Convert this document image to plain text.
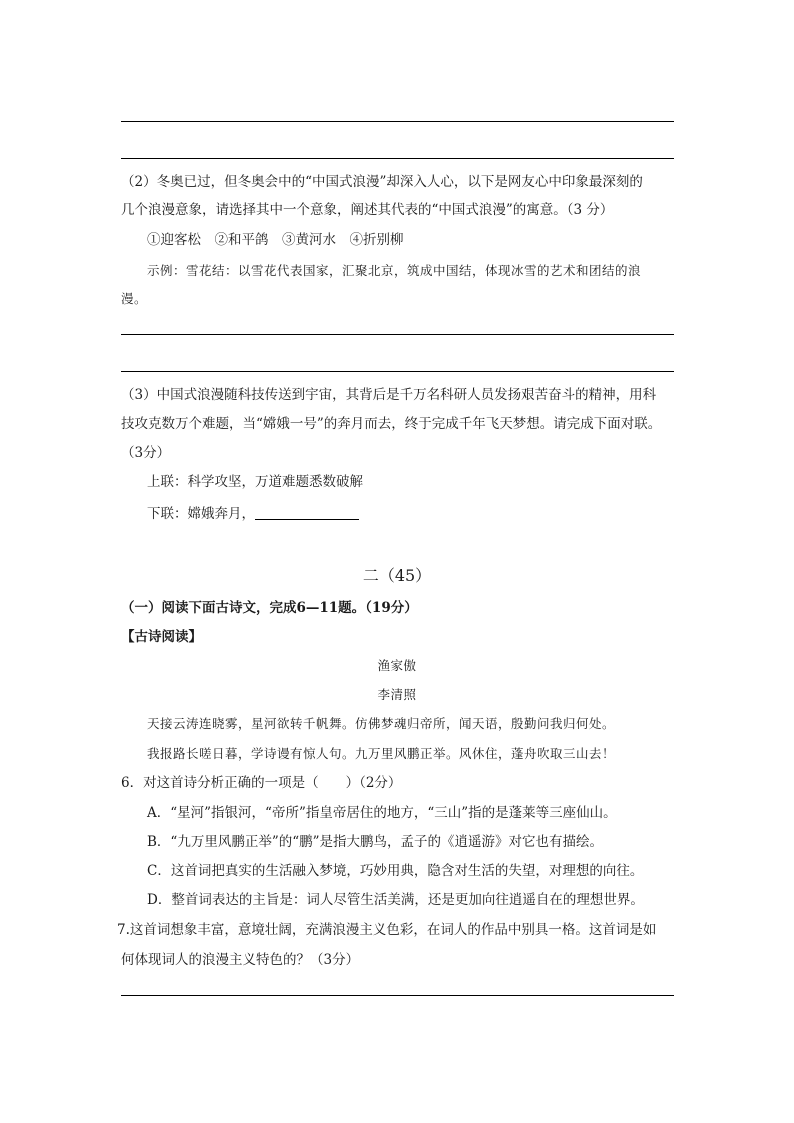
（2）冬奥已过，但冬奥会中的“中国式浪漫”却深入人心，以下是网友心中印象最深刻的
几个浪漫意象，请选择其中一个意象，阐述其代表的“中国式浪漫”的寓意。（3 分）
①迎客松　②和平鸽　③黄河水　④折别柳
示例：雪花结：以雪花代表国家，汇聚北京，筑成中国结，体现冰雪的艺术和团结的浪
漫。
（3）中国式浪漫随科技传送到宇宙，其背后是千万名科研人员发扬艰苦奋斗的精神，用科
技攻克数万个难题，当“嫦娥一号”的奔月而去，终于完成千年飞天梦想。请完成下面对联。
（3分）
上联：科学攻坚，万道难题悉数破解
下联：嫦娥奔月，
二（45）
（一）阅读下面古诗文，完成6—11题。（19分）
【古诗阅读】
渔家傲
李清照
天接云涛连晓雾，星河欲转千帆舞。仿佛梦魂归帝所，闻天语，殷勤问我归何处。
我报路长嗟日暮，学诗谩有惊人句。九万里风鹏正举。风休住，蓬舟吹取三山去！
6．对这首诗分析正确的一项是（　　）（2分）
A．“星河”指银河，“帝所”指皇帝居住的地方，“三山”指的是蓬莱等三座仙山。
B．“九万里风鹏正举”的“鹏”是指大鹏鸟，孟子的《逍遥游》对它也有描绘。
C．这首词把真实的生活融入梦境，巧妙用典，隐含对生活的失望，对理想的向往。
D．整首词表达的主旨是：词人尽管生活美满，还是更加向往逍遥自在的理想世界。
7.这首词想象丰富，意境壮阔，充满浪漫主义色彩，在词人的作品中别具一格。这首词是如
何体现词人的浪漫主义特色的？（3分）
